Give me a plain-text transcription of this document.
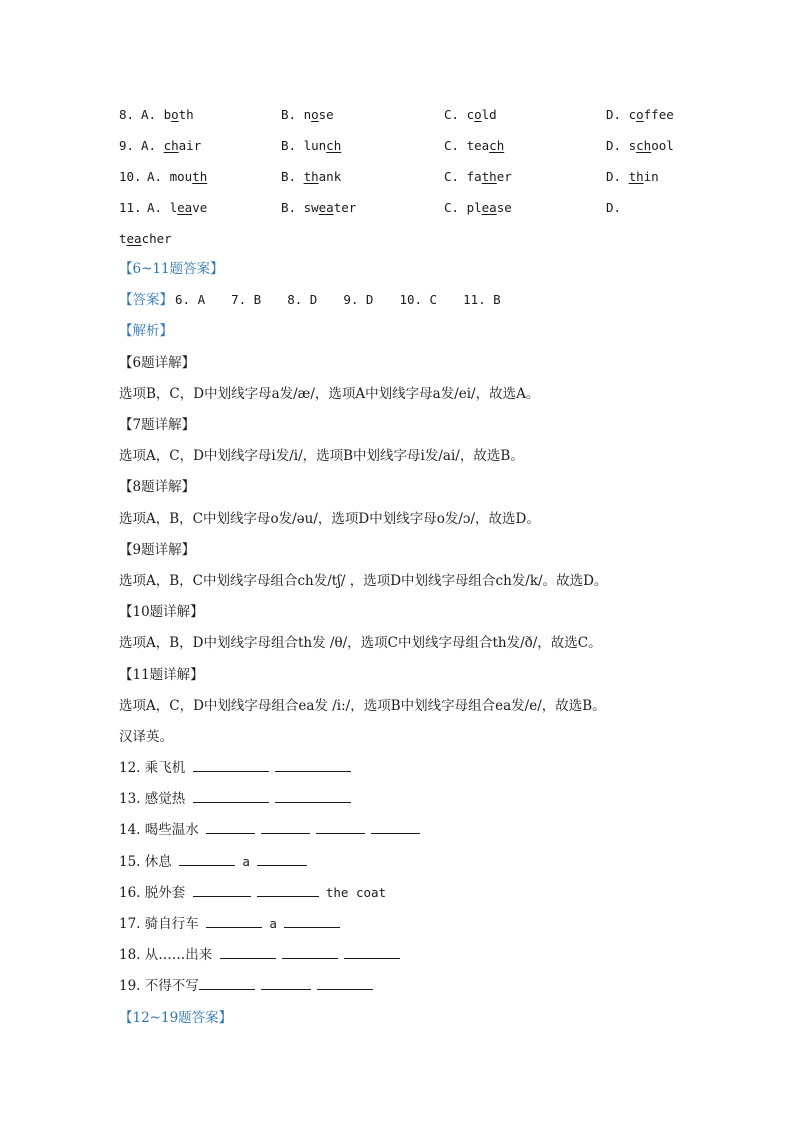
8. A. both	B. nose	C. cold	D. coffee
9. A. chair	B. lunch	C. teach	D. school
10. A. mouth	B. thank	C. father	D. thin
11. A. leave	B. sweater	C. please	D.
teacher
【6~11题答案】
【答案】 6. A 7. B 8. D 9. D 10. C 11. B
【解析】
【6题详解】
选项B，C，D中划线字母a发/æ/，选项A中划线字母a发/ei/，故选A。
【7题详解】
选项A，C，D中划线字母i发/i/，选项B中划线字母i发/ai/，故选B。
【8题详解】
选项A，B，C中划线字母o发/əu/，选项D中划线字母o发/ɔ/，故选D。
【9题详解】
选项A，B，C中划线字母组合ch发/tʃ/ ，选项D中划线字母组合ch发/k/。故选D。
【10题详解】
选项A，B，D中划线字母组合th发 /θ/，选项C中划线字母组合th发/ð/，故选C。
【11题详解】
选项A，C，D中划线字母组合ea发 /i:/，选项B中划线字母组合ea发/e/，故选B。
汉译英。
12. 乘飞机
13. 感觉热
14. 喝些温水
15. 休息	a
16. 脱外套	the coat
17. 骑自行车	a
18. 从……出来
19. 不得不写
【12~19题答案】
